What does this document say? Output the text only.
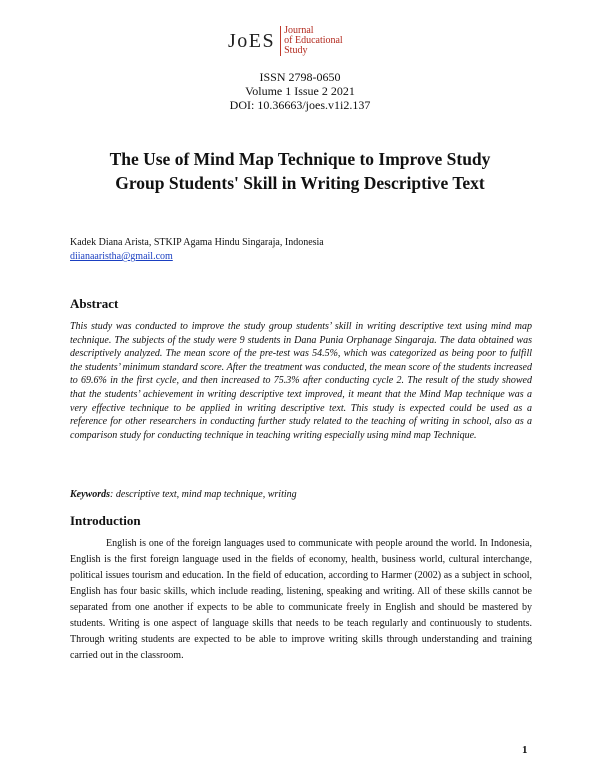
JoES Journal
of Educational
Study
ISSN 2798-0650
Volume 1 Issue 2 2021
DOI: 10.36663/joes.v1i2.137
The Use of Mind Map Technique to Improve Study
Group Students' Skill in Writing Descriptive Text
Kadek Diana Arista, STKIP Agama Hindu Singaraja, Indonesia
diianaaristha@gmail.com
Abstract
This study was conducted to improve the study group students’ skill in writing descriptive text using mind map technique. The subjects of the study were 9 students in Dana Punia Orphanage Singaraja. The data obtained was descriptively analyzed. The mean score of the pre-test was 54.5%, which was categorized as being poor to fulfill the students’ minimum standard score. After the treatment was conducted, the mean score of the students increased to 69.6% in the first cycle, and then increased to 75.3% after conducting cycle 2. The result of the study showed that the students’ achievement in writing descriptive text improved, it meant that the Mind Map technique was a very effective technique to be applied in writing descriptive text. This study is expected could be used as a reference for other researchers in conducting further study related to the teaching of writing in school, also as a comparison study for conducting technique in teaching writing especially using mind map Technique.
Keywords: descriptive text, mind map technique, writing
Introduction
English is one of the foreign languages used to communicate with people around the world. In Indonesia, English is the first foreign language used in the fields of economy, health, business world, cultural interchange, political issues tourism and education. In the field of education, according to Harmer (2002) as a subject in school, English has four basic skills, which include reading, listening, speaking and writing. All of these skills cannot be separated from one another if expects to be able to communicate freely in English and should be mastered by students. Writing is one aspect of language skills that needs to be teach regularly and continuously to students. Through writing students are expected to be able to improve writing skills through understanding and training carried out in the classroom.
1
